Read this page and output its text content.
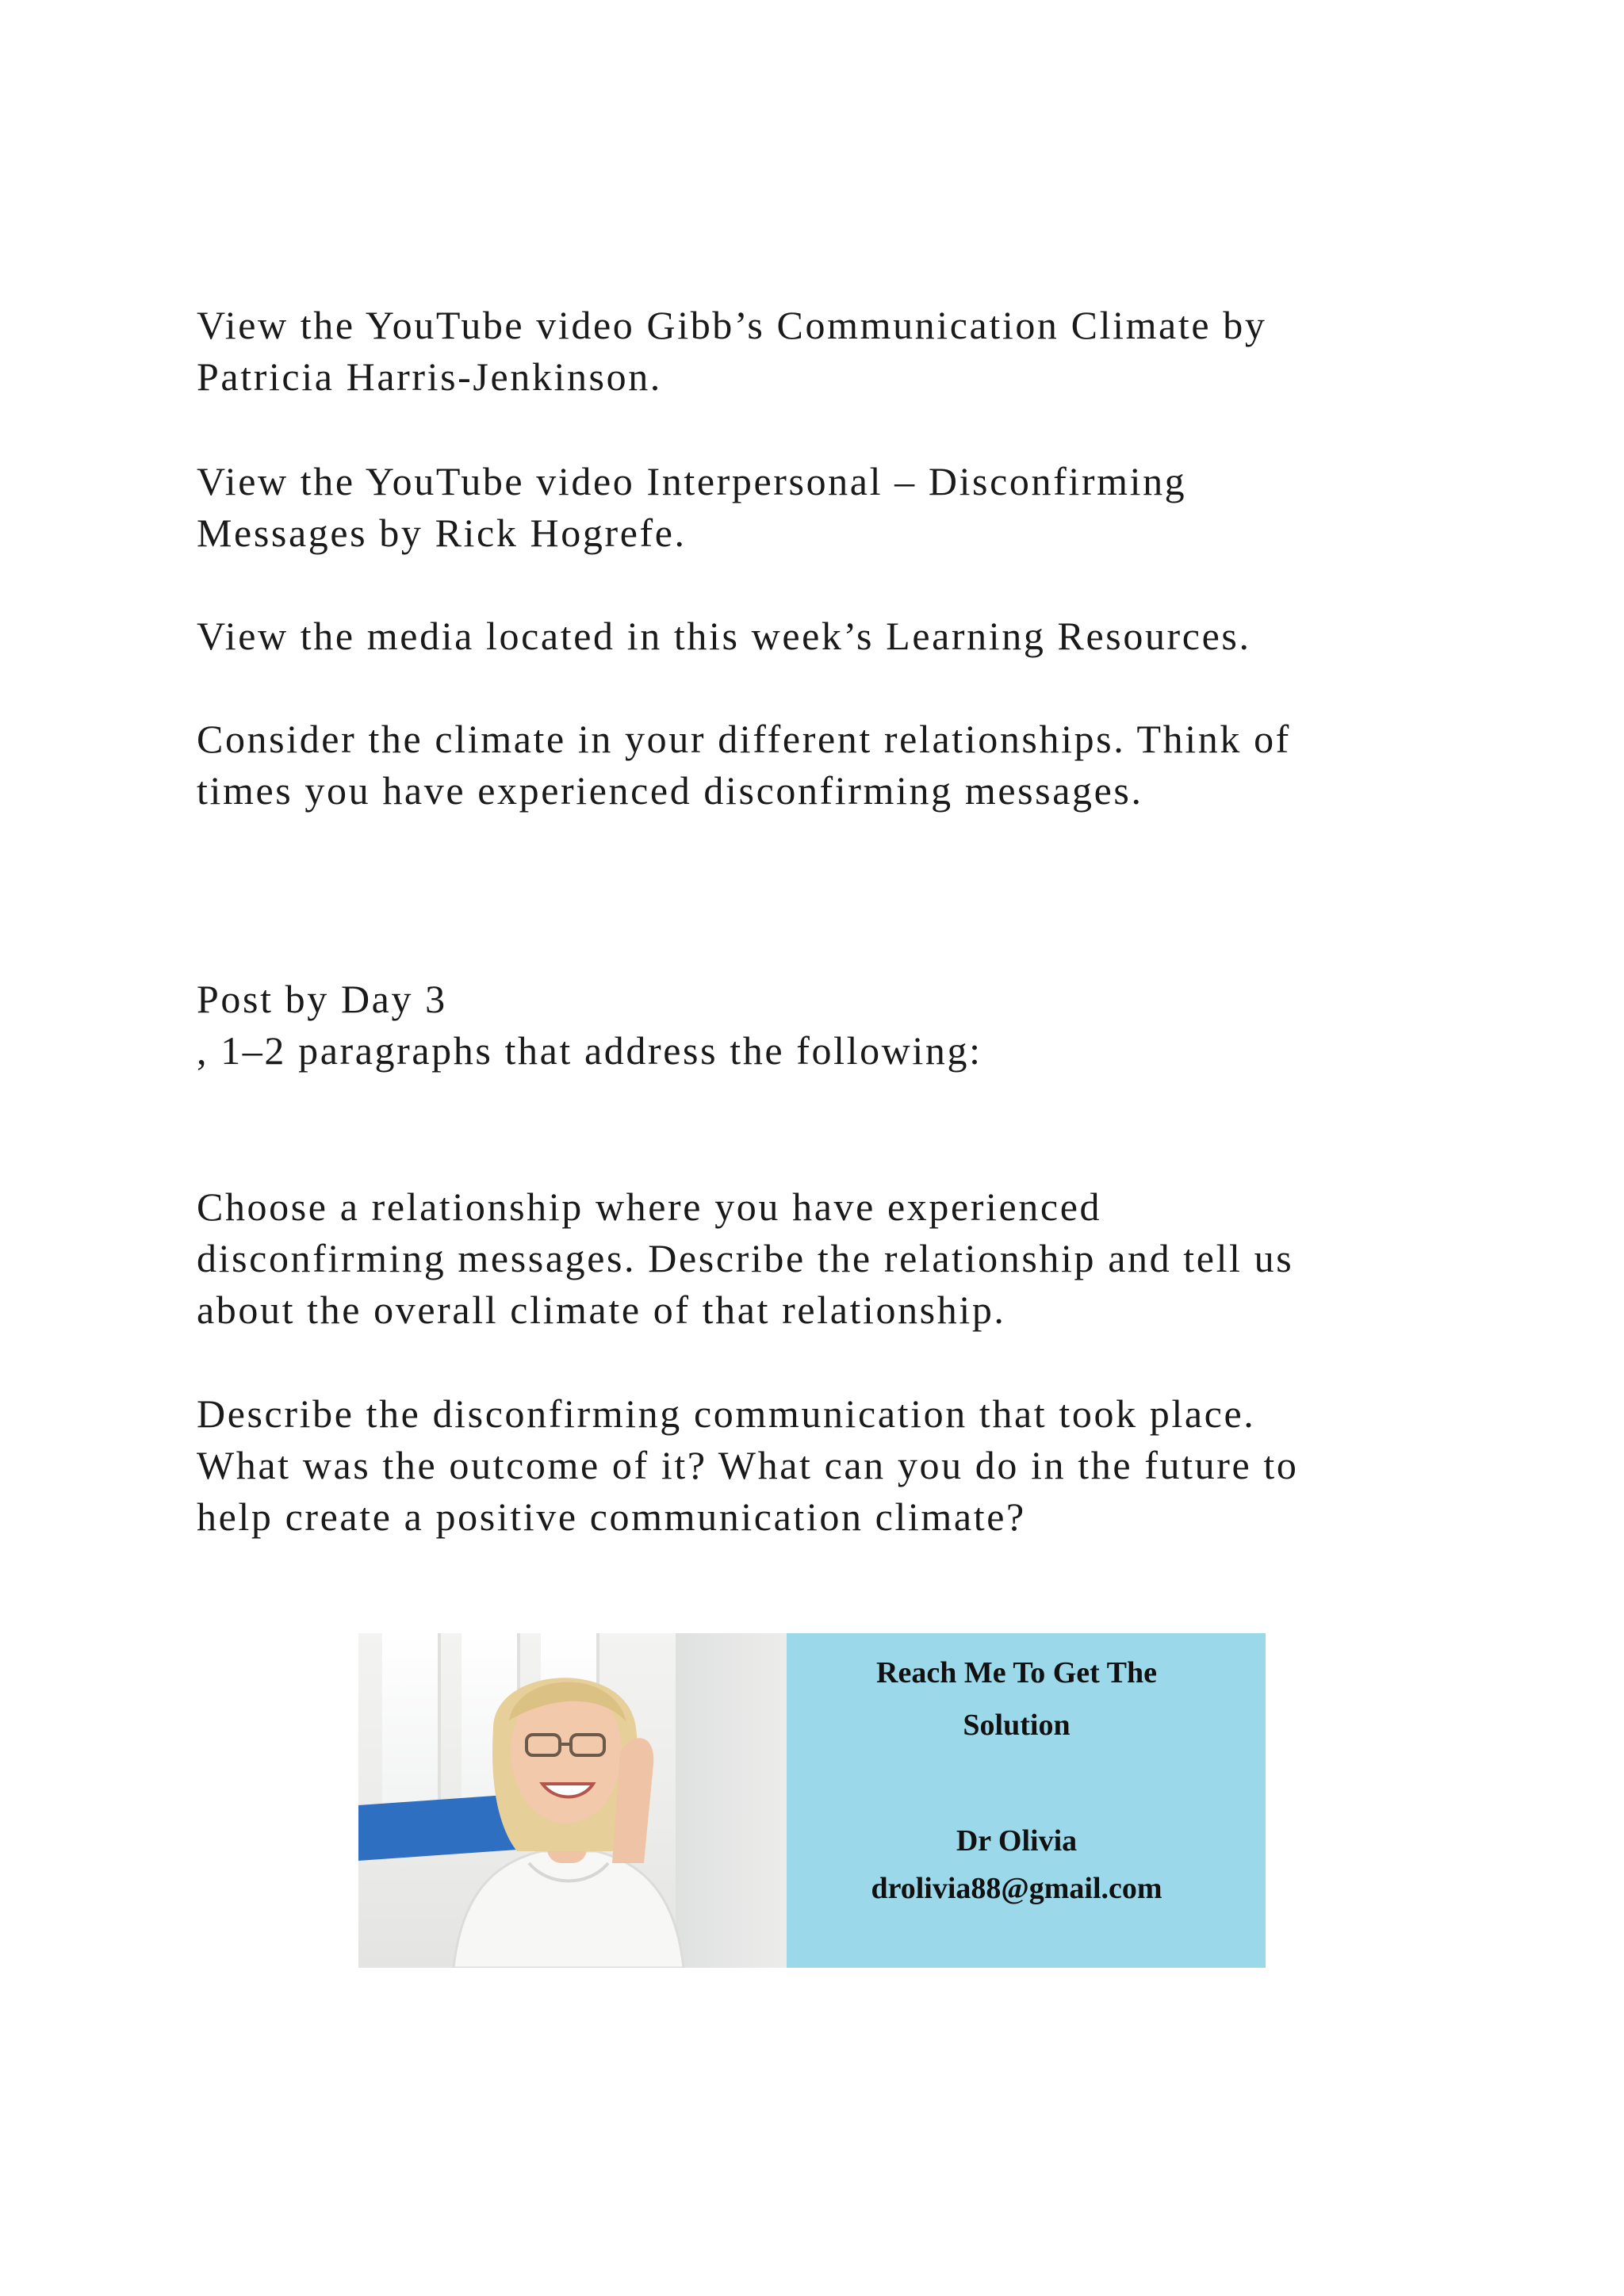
View the YouTube video Gibb’s Communication Climate by
Patricia Harris-Jenkinson.
View the YouTube video Interpersonal – Disconfirming
Messages by Rick Hogrefe.
View the media located in this week’s Learning Resources.
Consider the climate in your different relationships. Think of
times you have experienced disconfirming messages.
Post by Day 3
, 1–2 paragraphs that address the following:
Choose a relationship where you have experienced
disconfirming messages. Describe the relationship and tell us
about the overall climate of that relationship.
Describe the disconfirming communication that took place.
What was the outcome of it? What can you do in the future to
help create a positive communication climate?
Reach Me To Get The
Solution
Dr Olivia
drolivia88@gmail.com
